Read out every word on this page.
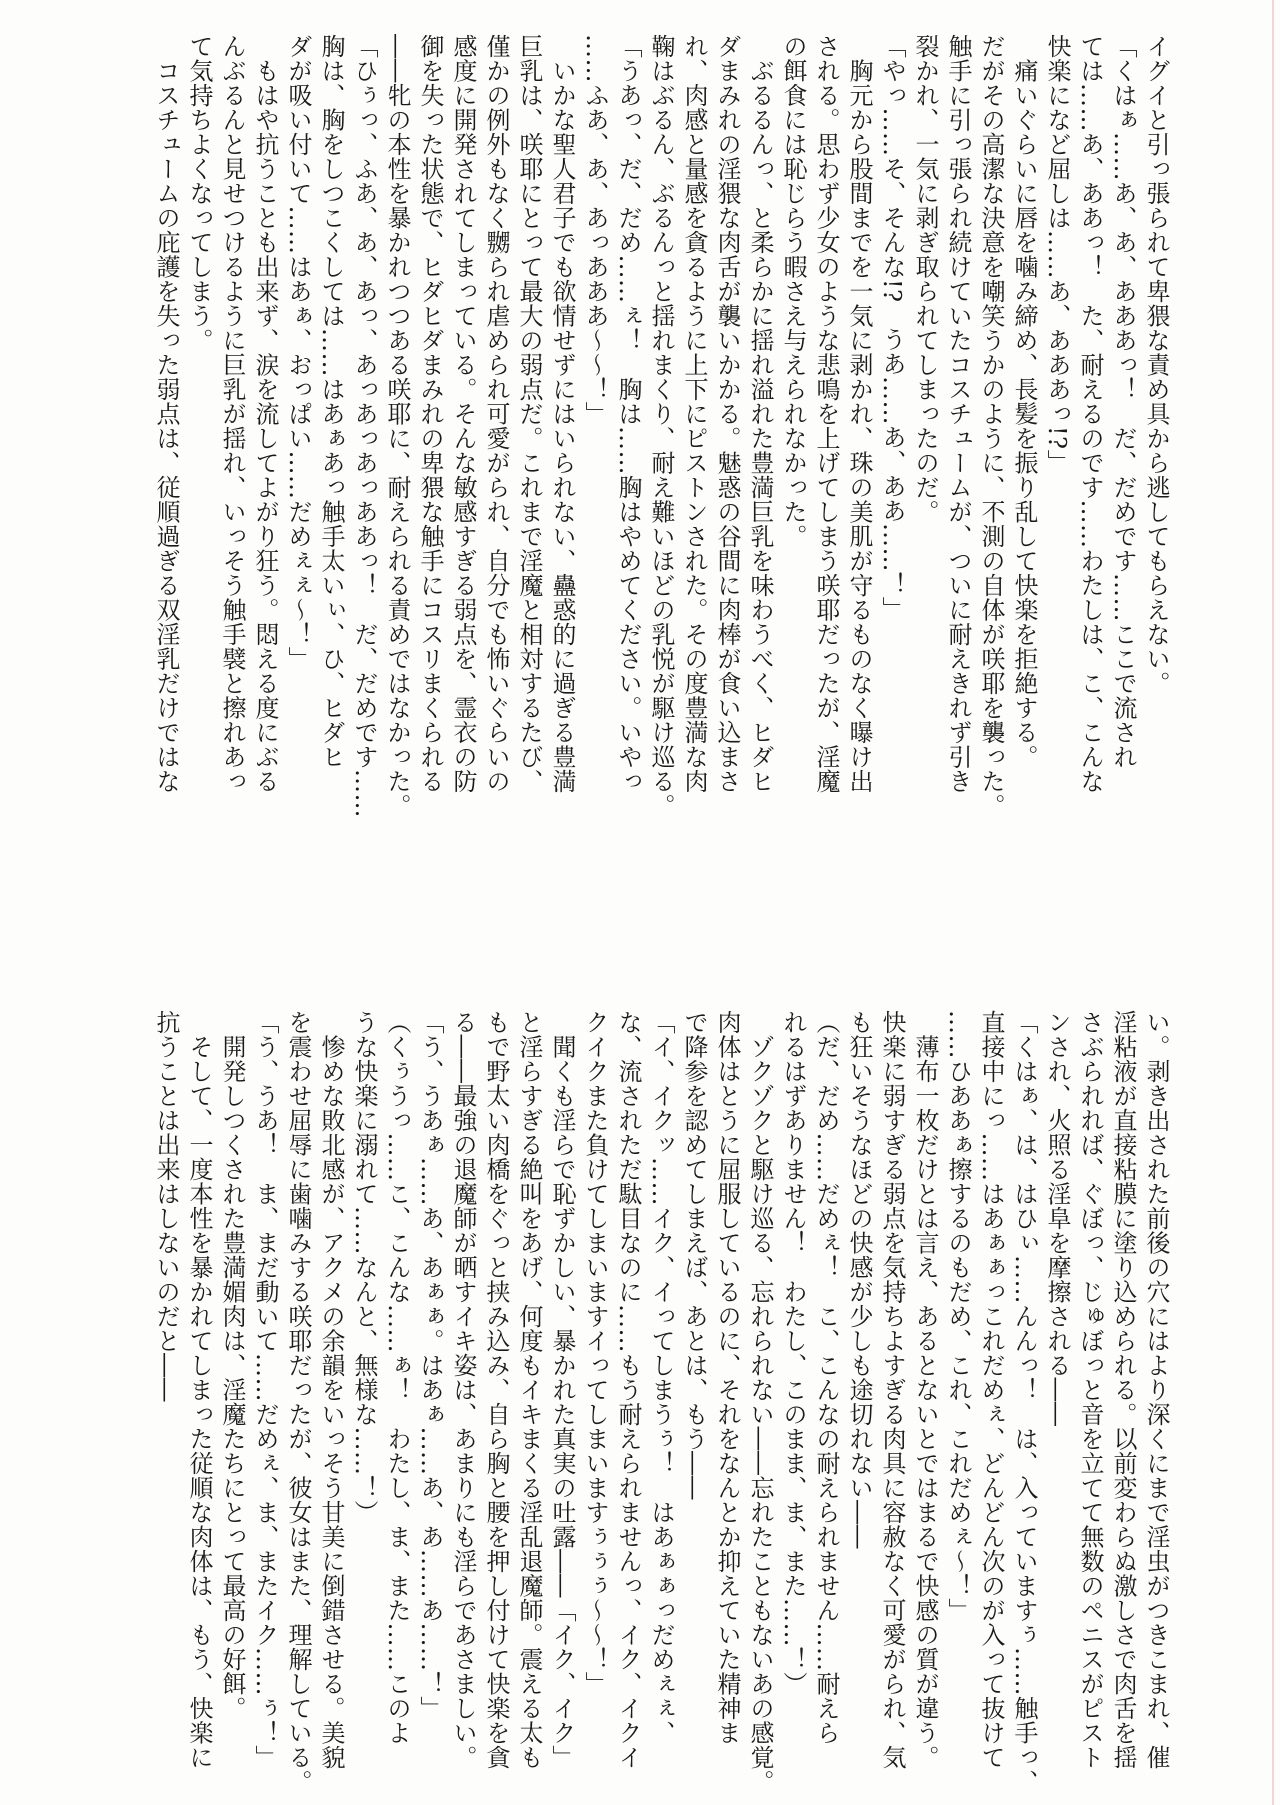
イグイと引っ張られて卑猥な責め具から逃してもらえない。
「くはぁ……あ、あ、あああっ！　だ、だめです……ここで流され
ては……あ、ああっ！　た、耐えるのです……わたしは、こ、こんな
快楽になど屈しは……あ、あああっ!?」
　痛いぐらいに唇を噛み締め、長髪を振り乱して快楽を拒絶する。
だがその高潔な決意を嘲笑うかのように、不測の自体が咲耶を襲った。
触手に引っ張られ続けていたコスチュームが、ついに耐えきれず引き
裂かれ、一気に剥ぎ取られてしまったのだ。
「やっ……そ、そんな!?　うあ……あ、ああ……！」
　胸元から股間までを一気に剥かれ、珠の美肌が守るものなく曝け出
される。思わず少女のような悲鳴を上げてしまう咲耶だったが、淫魔
の餌食には恥じらう暇さえ与えられなかった。
　ぶるるんっ、と柔らかに揺れ溢れた豊満巨乳を味わうべく、ヒダヒ
ダまみれの淫猥な肉舌が襲いかかる。魅惑の谷間に肉棒が食い込まさ
れ、肉感と量感を貪るように上下にピストンされた。その度豊満な肉
鞠はぶるん、ぶるんっと揺れまくり、耐え難いほどの乳悦が駆け巡る。
「うあっ、だ、だめ……ぇ！　胸は……胸はやめてください。いやっ
……ふあ、あ、あっあああ～～！」
　いかな聖人君子でも欲情せずにはいられない、蠱惑的に過ぎる豊満
巨乳は、咲耶にとって最大の弱点だ。これまで淫魔と相対するたび、
僅かの例外もなく嬲られ虐められ可愛がられ、自分でも怖いぐらいの
感度に開発されてしまっている。そんな敏感すぎる弱点を、霊衣の防
御を失った状態で、ヒダヒダまみれの卑猥な触手にコスリまくられる
――牝の本性を暴かれつつある咲耶に、耐えられる責めではなかった。
「ひぅっ、ふあ、あ、あっ、あっあっあっああっ！　だ、だめです……
胸は、胸をしつこくしては……はあぁあっ触手太いぃ、ひ、ヒダヒ
ダが吸い付いて……はあぁ、おっぱい……だめぇぇ～！」
　もはや抗うことも出来ず、涙を流してよがり狂う。悶える度にぶる
んぶるんと見せつけるように巨乳が揺れ、いっそう触手襞と擦れあっ
て気持ちよくなってしまう。
　コスチュームの庇護を失った弱点は、従順過ぎる双淫乳だけではな
い。剥き出された前後の穴にはより深くにまで淫虫がつきこまれ、催
淫粘液が直接粘膜に塗り込められる。以前変わらぬ激しさで肉舌を揺
さぶられれば、ぐぼっ、じゅぼっと音を立てて無数のペニスがピスト
ンされ、火照る淫阜を摩擦される――
「くはぁ、は、はひぃ……んんっ！　は、入っていますぅ……触手っ、
直接中にっ……はあぁぁっこれだめぇ、どんどん次のが入って抜けて
……ひああぁ擦するのもだめ、これ、これだめぇ～！」
　薄布一枚だけとは言え、あるとないとではまるで快感の質が違う。
快楽に弱すぎる弱点を気持ちよすぎる肉具に容赦なく可愛がられ、気
も狂いそうなほどの快感が少しも途切れない――
（だ、だめ……だめぇ！　こ、こんなの耐えられません……耐えら
れるはずありません！　わたし、このまま、ま、また……！）
　ゾクゾクと駆け巡る、忘れられない――忘れたこともないあの感覚。
肉体はとうに屈服しているのに、それをなんとか抑えていた精神ま
で降参を認めてしまえば、あとは、もう――
「イ、イクッ……イク、イってしまうぅ！　はあぁぁっだめぇぇ、
な、流されただ駄目なのに……もう耐えられませんっ、イク、イクイ
クイクまた負けてしまいますイってしまいますぅぅぅ～～！」
　聞くも淫らで恥ずかしい、暴かれた真実の吐露――「イク、イク」
と淫らすぎる絶叫をあげ、何度もイキまくる淫乱退魔師。震える太も
もで野太い肉橋をぐっと挟み込み、自ら胸と腰を押し付けて快楽を貪
る――最強の退魔師が晒すイキ姿は、あまりにも淫らであさましい。
「う、うあぁ……あ、あぁぁ。はあぁ……あ、あ……あ……！」
（くぅうっ……こ、こんな……ぁ！　わたし、ま、また……このよ
うな快楽に溺れて……なんと、無様な……！）
　惨めな敗北感が、アクメの余韻をいっそう甘美に倒錯させる。美貌
を震わせ屈辱に歯噛みする咲耶だったが、彼女はまた、理解している。
「う、うあ！　ま、まだ動いて……だめぇ、ま、またイク……ぅ！」
　開発しつくされた豊満媚肉は、淫魔たちにとって最高の好餌。
　そして、一度本性を暴かれてしまった従順な肉体は、もう、快楽に
抗うことは出来はしないのだと――
